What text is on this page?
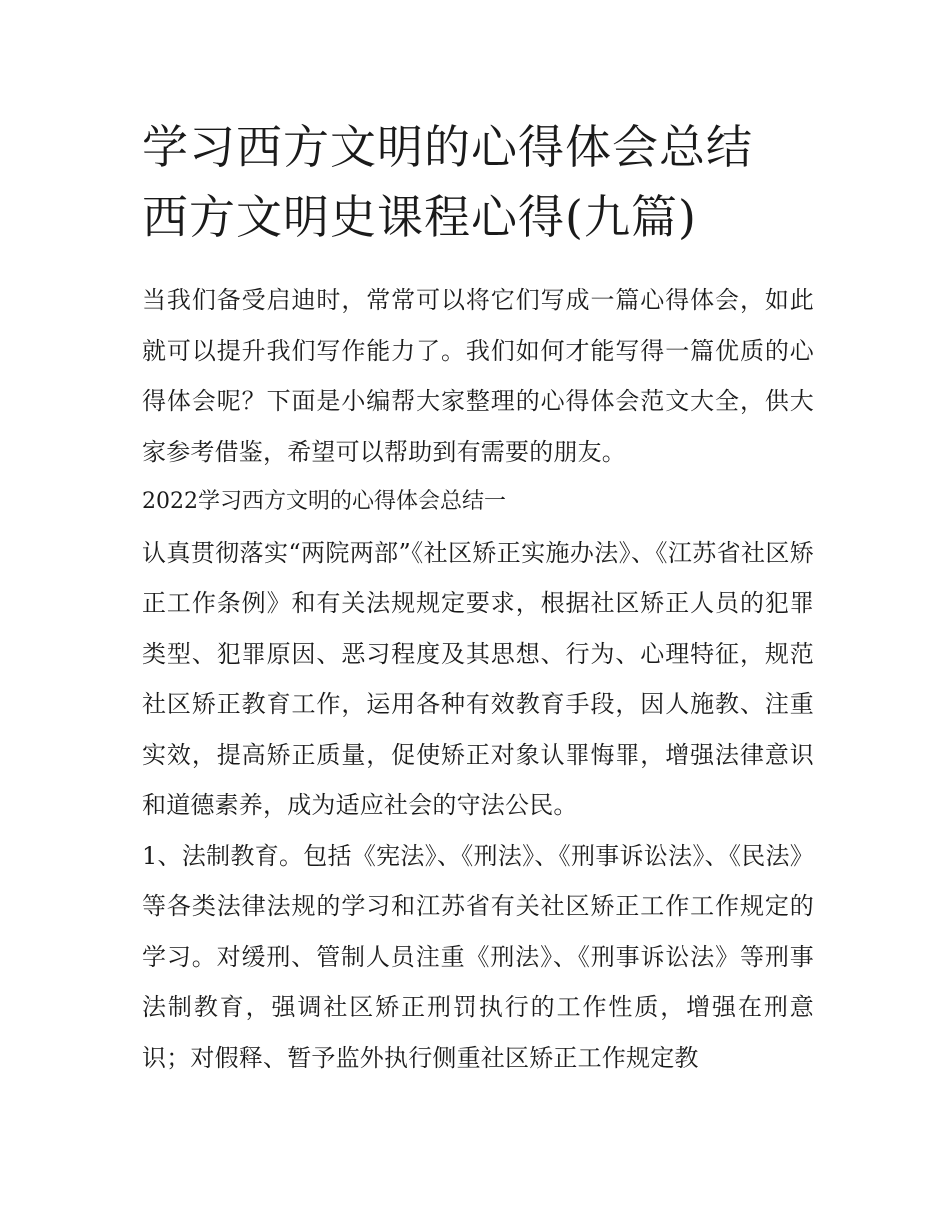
学习西方文明的心得体会总结
西方文明史课程心得(九篇)

当我们备受启迪时，常常可以将它们写成一篇心得体会，如此就可以提升我们写作能力了。我们如何才能写得一篇优质的心得体会呢？下面是小编帮大家整理的心得体会范文大全，供大家参考借鉴，希望可以帮助到有需要的朋友。

2022学习西方文明的心得体会总结一

认真贯彻落实“两院两部”《社区矫正实施办法》、《江苏省社区矫正工作条例》和有关法规规定要求，根据社区矫正人员的犯罪类型、犯罪原因、恶习程度及其思想、行为、心理特征，规范社区矫正教育工作，运用各种有效教育手段，因人施教、注重实效，提高矫正质量，促使矫正对象认罪悔罪，增强法律意识和道德素养，成为适应社会的守法公民。

1、法制教育。包括《宪法》、《刑法》、《刑事诉讼法》、《民法》等各类法律法规的学习和江苏省有关社区矫正工作工作规定的学习。对缓刑、管制人员注重《刑法》、《刑事诉讼法》等刑事法制教育，强调社区矫正刑罚执行的工作性质，增强在刑意识；对假释、暂予监外执行侧重社区矫正工作规定教
